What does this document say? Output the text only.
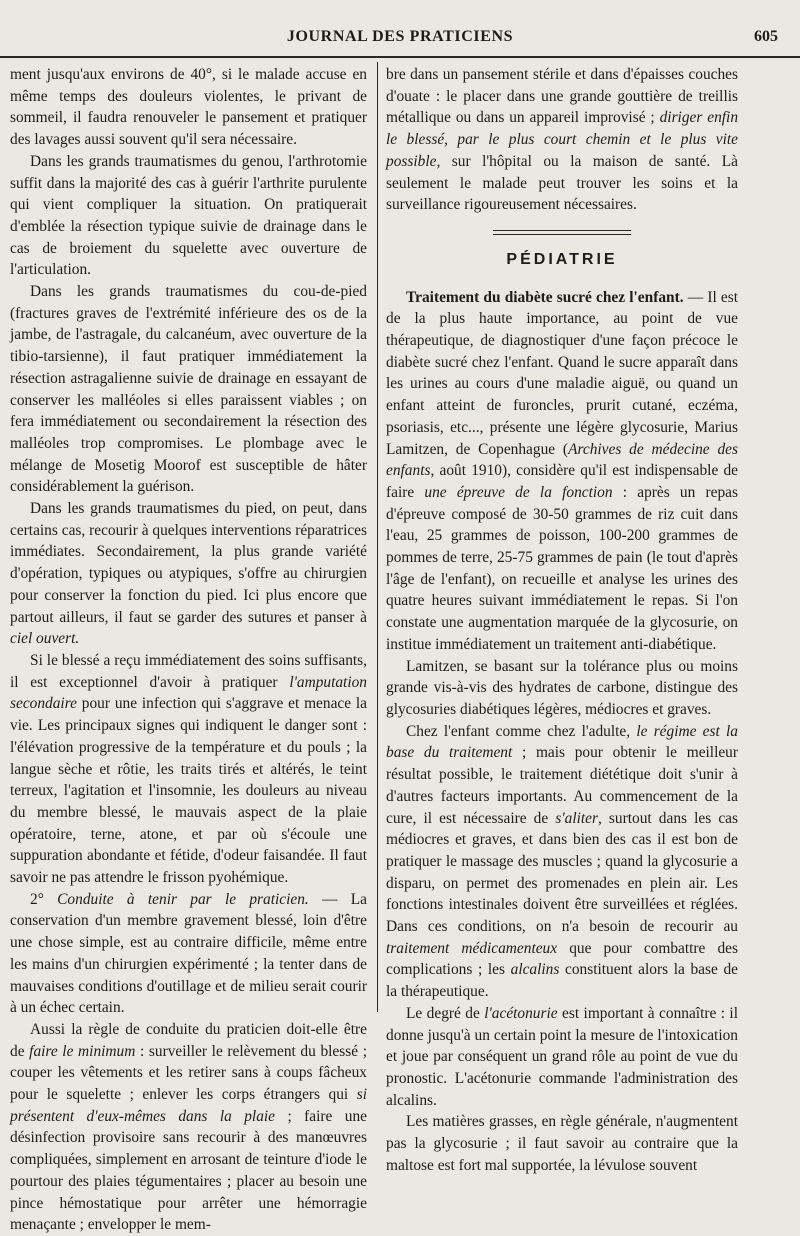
JOURNAL DES PRATICIENS	605

ment jusqu'aux environs de 40°, si le malade accuse en même temps des douleurs violentes, le privant de sommeil, il faudra renouveler le pansement et pratiquer des lavages aussi souvent qu'il sera nécessaire.

Dans les grands traumatismes du genou, l'arthrotomie suffit dans la majorité des cas à guérir l'arthrite purulente qui vient compliquer la situation. On pratiquerait d'emblée la résection typique suivie de drainage dans le cas de broiement du squelette avec ouverture de l'articulation.

Dans les grands traumatismes du cou-de-pied (fractures graves de l'extrémité inférieure des os de la jambe, de l'astragale, du calcanéum, avec ouverture de la tibio-tarsienne), il faut pratiquer immédiatement la résection astragalienne suivie de drainage en essayant de conserver les malléoles si elles paraissent viables ; on fera immédiatement ou secondairement la résection des malléoles trop compromises. Le plombage avec le mélange de Mosetig Moorof est susceptible de hâter considérablement la guérison.

Dans les grands traumatismes du pied, on peut, dans certains cas, recourir à quelques interventions réparatrices immédiates. Secondairement, la plus grande variété d'opération, typiques ou atypiques, s'offre au chirurgien pour conserver la fonction du pied. Ici plus encore que partout ailleurs, il faut se garder des sutures et panser à ciel ouvert.

Si le blessé a reçu immédiatement des soins suffisants, il est exceptionnel d'avoir à pratiquer l'amputation secondaire pour une infection qui s'aggrave et menace la vie. Les principaux signes qui indiquent le danger sont : l'élévation progressive de la température et du pouls ; la langue sèche et rôtie, les traits tirés et altérés, le teint terreux, l'agitation et l'insomnie, les douleurs au niveau du membre blessé, le mauvais aspect de la plaie opératoire, terne, atone, et par où s'écoule une suppuration abondante et fétide, d'odeur faisandée. Il faut savoir ne pas attendre le frisson pyohémique.

2° Conduite à tenir par le praticien. — La conservation d'un membre gravement blessé, loin d'être une chose simple, est au contraire difficile, même entre les mains d'un chirurgien expérimenté ; la tenter dans de mauvaises conditions d'outillage et de milieu serait courir à un échec certain.

Aussi la règle de conduite du praticien doit-elle être de faire le minimum : surveiller le relèvement du blessé ; couper les vêtements et les retirer sans à coups fâcheux pour le squelette ; enlever les corps étrangers qui si présentent d'eux-mêmes dans la plaie ; faire une désinfection provisoire sans recourir à des manœuvres compliquées, simplement en arrosant de teinture d'iode le pourtour des plaies tégumentaires ; placer au besoin une pince hémostatique pour arrêter une hémorragie menaçante ; envelopper le mem-

bre dans un pansement stérile et dans d'épaisses couches d'ouate : le placer dans une grande gouttière de treillis métallique ou dans un appareil improvisé ; diriger enfin le blessé, par le plus court chemin et le plus vite possible, sur l'hôpital ou la maison de santé. Là seulement le malade peut trouver les soins et la surveillance rigoureusement nécessaires.

PÉDIATRIE

Traitement du diabète sucré chez l'enfant. — Il est de la plus haute importance, au point de vue thérapeutique, de diagnostiquer d'une façon précoce le diabète sucré chez l'enfant. Quand le sucre apparaît dans les urines au cours d'une maladie aiguë, ou quand un enfant atteint de furoncles, prurit cutané, eczéma, psoriasis, etc..., présente une légère glycosurie, Marius Lamitzen, de Copenhague (Archives de médecine des enfants, août 1910), considère qu'il est indispensable de faire une épreuve de la fonction : après un repas d'épreuve composé de 30-50 grammes de riz cuit dans l'eau, 25 grammes de poisson, 100-200 grammes de pommes de terre, 25-75 grammes de pain (le tout d'après l'âge de l'enfant), on recueille et analyse les urines des quatre heures suivant immédiatement le repas. Si l'on constate une augmentation marquée de la glycosurie, on institue immédiatement un traitement anti-diabétique.

Lamitzen, se basant sur la tolérance plus ou moins grande vis-à-vis des hydrates de carbone, distingue des glycosuries diabétiques légères, médiocres et graves.

Chez l'enfant comme chez l'adulte, le régime est la base du traitement ; mais pour obtenir le meilleur résultat possible, le traitement diététique doit s'unir à d'autres facteurs importants. Au commencement de la cure, il est nécessaire de s'aliter, surtout dans les cas médiocres et graves, et dans bien des cas il est bon de pratiquer le massage des muscles ; quand la glycosurie a disparu, on permet des promenades en plein air. Les fonctions intestinales doivent être surveillées et réglées. Dans ces conditions, on n'a besoin de recourir au traitement médicamenteux que pour combattre des complications ; les alcalins constituent alors la base de la thérapeutique.

Le degré de l'acétonurie est important à connaître : il donne jusqu'à un certain point la mesure de l'intoxication et joue par conséquent un grand rôle au point de vue du pronostic. L'acétonurie commande l'administration des alcalins.

Les matières grasses, en règle générale, n'augmentent pas la glycosurie ; il faut savoir au contraire que la maltose est fort mal supportée, la lévulose souvent
